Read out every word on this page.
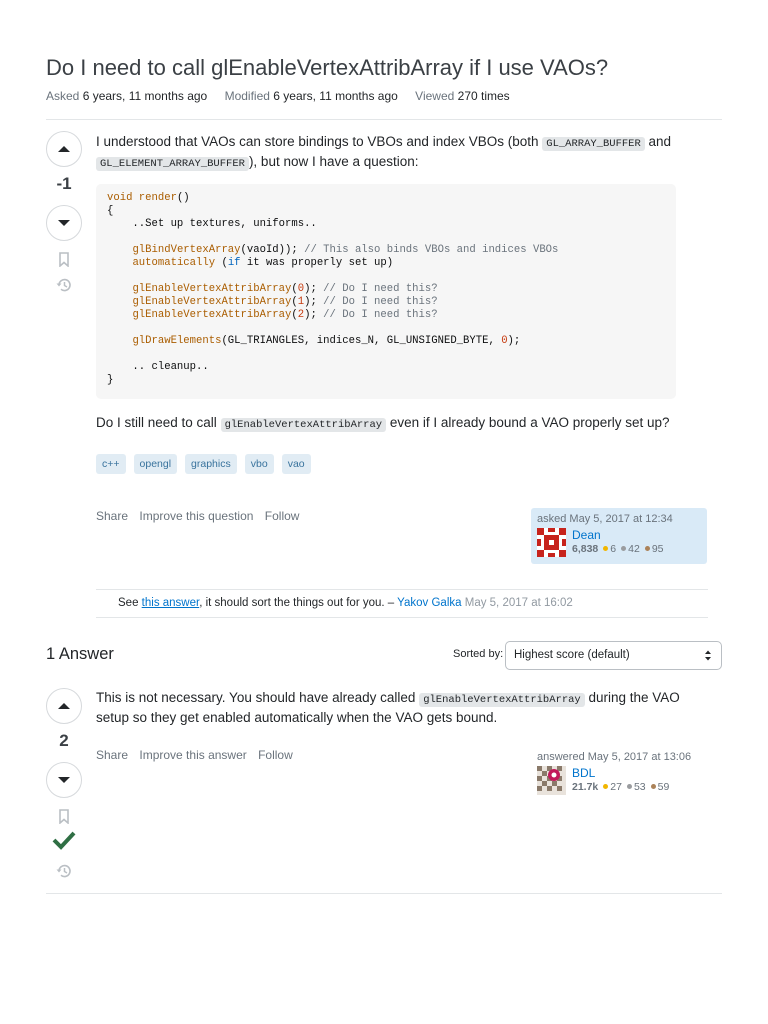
Do I need to call glEnableVertexAttribArray if I use VAOs?
Asked 6 years, 11 months ago Modified 6 years, 11 months ago Viewed 270 times
-1
I understood that VAOs can store bindings to VBOs and index VBOs (both GL_ARRAY_BUFFER and GL_ELEMENT_ARRAY_BUFFER ), but now I have a question:
void render()
{
..Set up textures, uniforms..

glBindVertexArray(vaoId)); // This also binds VBOs and indices VBOs
automatically (if it was properly set up)

glEnableVertexAttribArray(0); // Do I need this?
glEnableVertexAttribArray(1); // Do I need this?
glEnableVertexAttribArray(2); // Do I need this?

glDrawElements(GL_TRIANGLES, indices_N, GL_UNSIGNED_BYTE, 0);

.. cleanup..
}
Do I still need to call glEnableVertexAttribArray even if I already bound a VAO properly set up?
c++	opengl	graphics	vbo	vao
Share Improve this question Follow	asked May 5, 2017 at 12:34
Dean
6,838 6 42 95
See this answer, it should sort the things out for you. – Yakov Galka May 5, 2017 at 16:02
1 Answer	Sorted by: Highest score (default)
2
This is not necessary. You should have already called glEnableVertexAttribArray during the VAO setup so they get enabled automatically when the VAO gets bound.
Share Improve this answer Follow	answered May 5, 2017 at 13:06
BDL
21.7k 27 53 59
